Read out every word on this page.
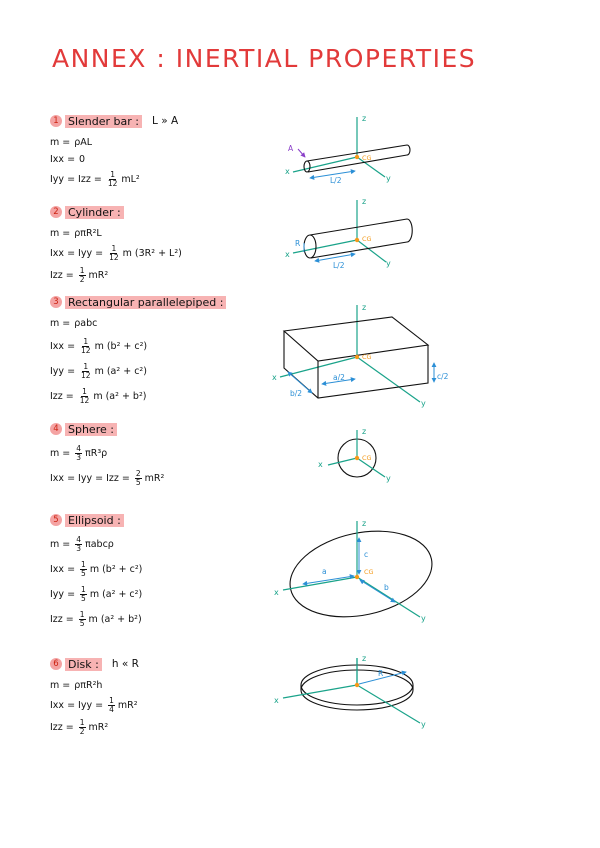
ANNEX : INERTIAL PROPERTIES
1 Slender bar : L » A
m = ρAL
Ixx = 0
Iyy = Izz = $\frac{1}{12} mL^2$
2 Cylinder :
m = ρπR²L
Ixx = Iyy = $\frac{1}{12}$ m (3R² + L²)
Izz = $\frac{1}{2} mR^2$
3 Rectangular parallelepiped :
m = ρabc
Ixx = $\frac{1}{12}$ m (b² + c²)
Iyy = $\frac{1}{12}$ m (a² + c²)
Izz = $\frac{1}{12}$ m (a² + b²)
4 Sphere :
$m = \frac{4}{3} \pi R^3\rho$
Ixx = Iyy = Izz = $\frac{2}{5} mR^2$
5 Ellipsoid :
$m = \frac{4}{3}$ πabcρ
Ixx = $\frac{1}{5}$ m (b² + c²)
Iyy = $\frac{1}{5}$ m (a² + c²)
Izz = $\frac{1}{5}$ m (a² + b²)
6 Disk : h « R
m = ρπR²h
Ixx = Iyy = $\frac{1}{4} mR^2$
Izz = $\frac{1}{2} mR^2$
z
x
y
CG
A
L/2
z
x
y
CG
R
L/2
z
x
y
CG
a/2
b/2
c/2
z
x
y
CG
z
x
y
CG
a
b
c
z
x
y
R
